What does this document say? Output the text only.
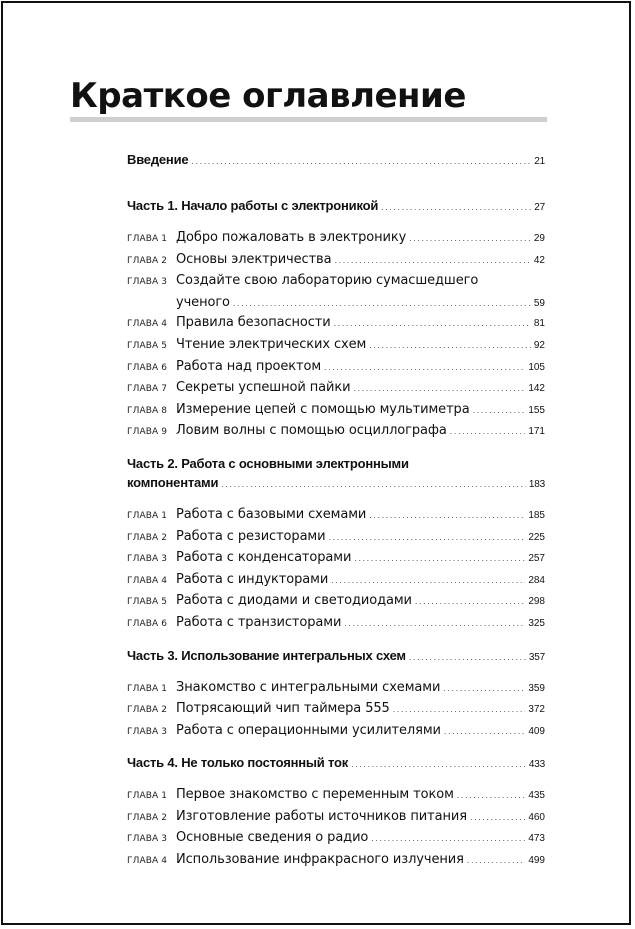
Краткое оглавление
Введение .....	21
Часть 1. Начало работы с электроникой .....	27
ГЛАВА 1 Добро пожаловать в электронику .....	29
ГЛАВА 2 Основы электричества .....	42
ГЛАВА 3 Создайте свою лабораторию сумасшедшего
ученого .....	59
ГЛАВА 4 Правила безопасности .....	81
ГЛАВА 5 Чтение электрических схем .....	92
ГЛАВА 6 Работа над проектом .....	105
ГЛАВА 7 Секреты успешной пайки .....	142
ГЛАВА 8 Измерение цепей с помощью мультиметра .....	155
ГЛАВА 9 Ловим волны с помощью осциллографа .....	171
Часть 2. Работа с основными электронными
компонентами .....	183
ГЛАВА 1 Работа с базовыми схемами .....	185
ГЛАВА 2 Работа с резисторами .....	225
ГЛАВА 3 Работа с конденсаторами .....	257
ГЛАВА 4 Работа с индукторами .....	284
ГЛАВА 5 Работа с диодами и светодиодами .....	298
ГЛАВА 6 Работа с транзисторами .....	325
Часть 3. Использование интегральных схем .....	357
ГЛАВА 1 Знакомство с интегральными схемами .....	359
ГЛАВА 2 Потрясающий чип таймера 555 .....	372
ГЛАВА 3 Работа с операционными усилителями .....	409
Часть 4. Не только постоянный ток .....	433
ГЛАВА 1 Первое знакомство с переменным током .....	435
ГЛАВА 2 Изготовление работы источников питания .....	460
ГЛАВА 3 Основные сведения о радио .....	473
ГЛАВА 4 Использование инфракрасного излучения .....	499
